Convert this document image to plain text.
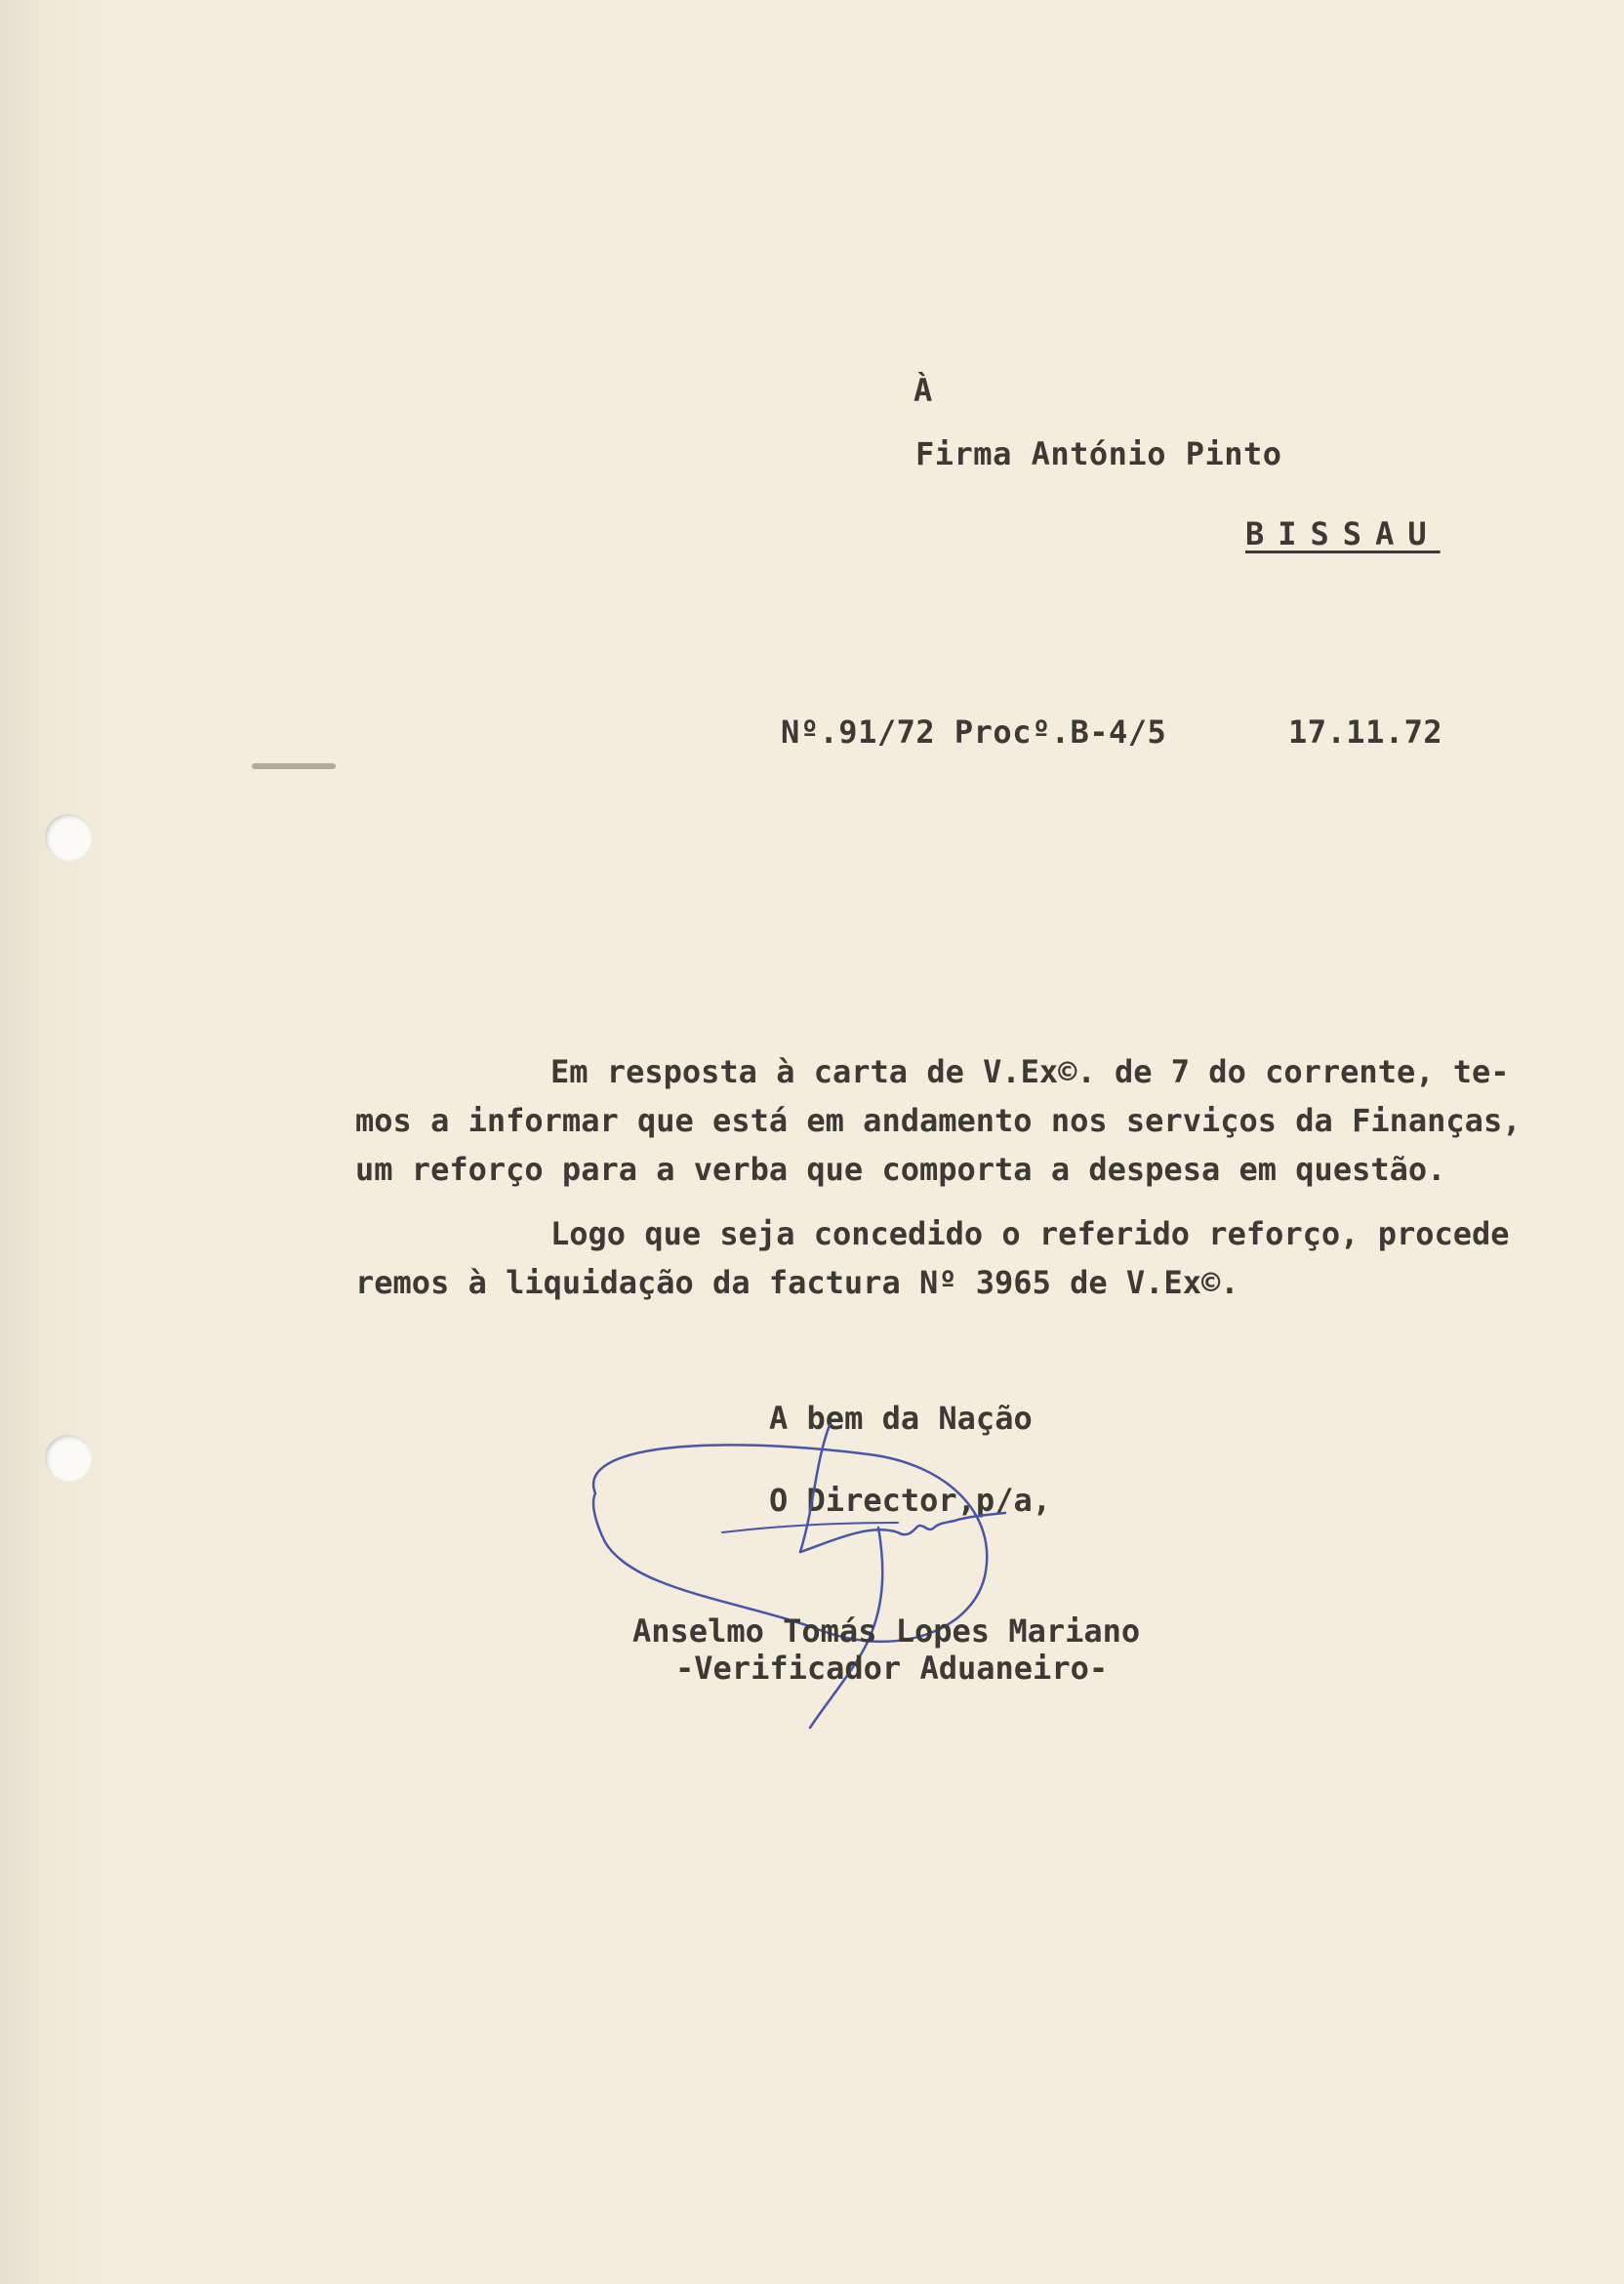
À
Firma António Pinto
BISSAU
Nº.91/72 Procº.B-4/5	17.11.72

Em resposta à carta de V.Ex©. de 7 do corrente, te-

mos a informar que está em andamento nos serviços da Finanças,

um reforço para a verba que comporta a despesa em questão.

Logo que seja concedido o referido reforço, procede

remos à liquidação da factura Nº 3965 de V.Ex©.

A bem da Nação
O Director,p/a,
Anselmo Tomás Lopes Mariano
-Verificador Aduaneiro-
